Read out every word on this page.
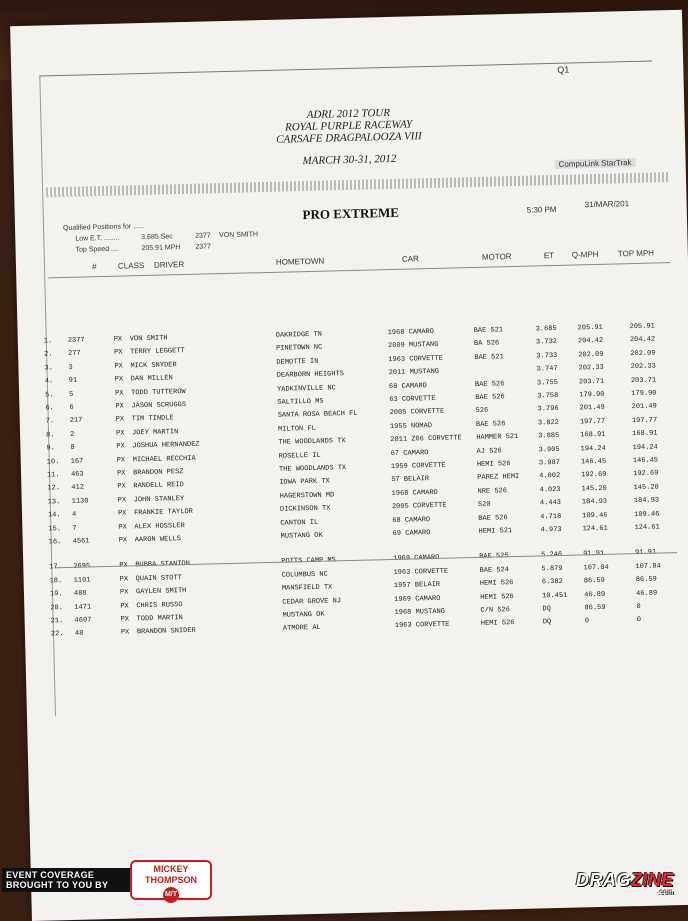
Q1
ADRL 2012 TOUR
ROYAL PURPLE RACEWAY
CARSAFE DRAGPALOOZA VIII
MARCH 30-31, 2012	CompuLink StarTrak
Qualified Positions for ......
Low E.T. ........	3.685 Sec	2377 VON SMITH
Top Speed ....	205.91 MPH 2377
PRO EXTREME	5:30 PM
31/MAR/201
#	CLASS DRIVER	HOMETOWN	CAR	MOTOR	ET Q-MPH TOP MPH
1. 2377	PX VON SMITH	OAKRIDGE TN	1968 CAMARO	BAE 521	3.685	205.91	205.91
2. 277	PX TERRY LEGGETT	PINETOWN NC	2009 MUSTANG	BA 526	3.732	204.42	204.42
3. 3	PX MICK SNYDER	DEMOTTE IN	1963 CORVETTE	BAE 521	3.733	202.09	202.09
4. 91	PX DAN MILLEN	DEARBORN HEIGHTS	2011 MUSTANG	3.747	202.33	202.33
5. 5	PX TODD TUTTEROW	YADKINVILLE NC	68 CAMARO	BAE 526	3.755	203.71	203.71
6. 6	PX JASON SCRUGGS	SALTILLO MS	63 CORVETTE	BAE 526	3.758	179.90	179.90
7. 217	PX TIM TINDLE	SANTA ROSA BEACH FL	2005 CORVETTE	526	3.796	201.49	201.49
8. 2	PX JOEY MARTIN	MILTON FL	1955 NOMAD	BAE 526	3.822	197.77	197.77
9. 8	PX JOSHUA HERNANDEZ	THE WOODLANDS TX	2011 Z06 CORVETTE HAMMER 521	3.885	168.91	168.91
10. 167	PX MICHAEL RECCHIA	ROSELLE IL	67 CAMARO	AJ 526	3.905	194.24	194.24
11. 463	PX BRANDON PESZ	THE WOODLANDS TX	1959 CORVETTE	HEMI 526	3.987	146.45	146.45
12. 412	PX RANDELL REID	IOWA PARK TX	57 BELAIR	PAREZ HEMI	4.002	192.69	192.69
13. 1130	PX JOHN STANLEY	HAGERSTOWN MD	1968 CAMARO	NRE 526	4.023	145.20	145.20
14. 4	PX FRANKIE TAYLOR	DICKINSON TX	2005 CORVETTE	520	4.443	184.93	184.93
15. 7	PX ALEX HOSSLER	CANTON IL	68 CAMARO	BAE 526	4.718	109.46	109.46
16. 4561	PX AARON WELLS	MUSTANG OK	69 CAMARO	HEMI 521	4.973	124.61	124.61
17. 2695	PX BUBBA STANTON	POTTS CAMP MS	1969 CAMARO	BAE 525	5.246	91.91	91.91
18. 1101	PX QUAIN STOTT	COLUMBUS NC	1963 CORVETTE	BAE 524	5.879	107.84	107.84
19. 488	PX GAYLEN SMITH	MANSFIELD TX	1957 BELAIR	HEMI 526	6.382	86.59	86.59
20. 1471	PX CHRIS RUSSO	CEDAR GROVE NJ	1969 CAMARO	HEMI 526	10.451 46.89	46.89
21. 4607	PX TODD MARTIN	MUSTANG OK	1968 MUSTANG	C/N 526	DQ	86.59	0
22. 48	PX BRANDON SNIDER	ATMORE AL	1963 CORVETTE	HEMI 526	DQ	0	0
EVENT COVERAGE
BROUGHT TO YOU BY
MICKEY THOMPSON
M/T
DRAGZINE
.com
